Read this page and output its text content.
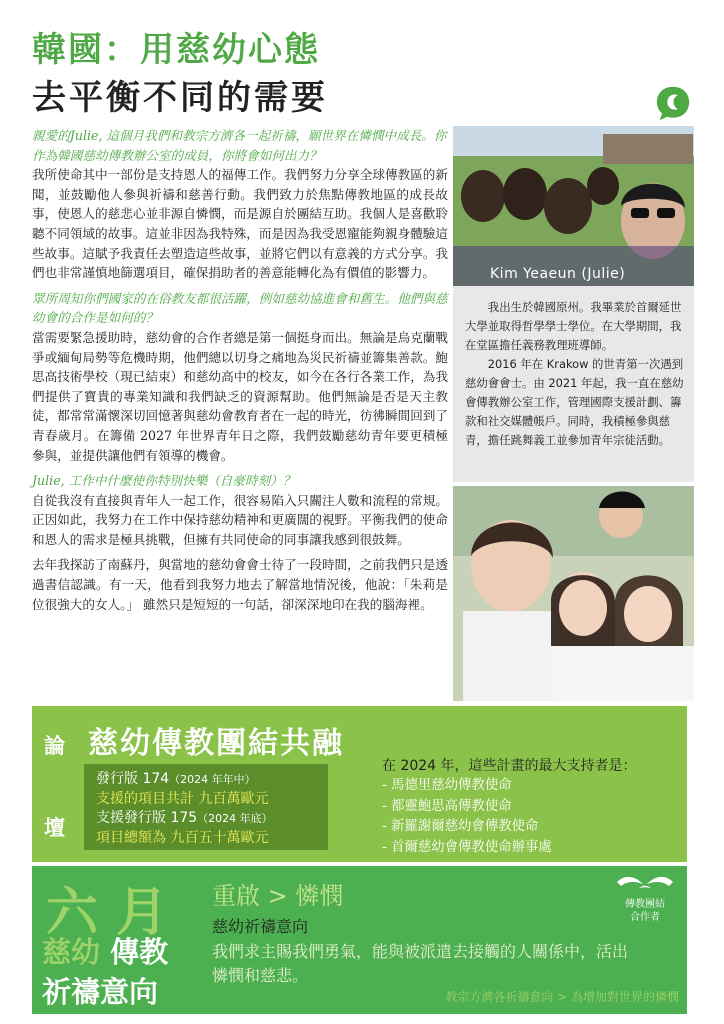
韓國：用慈幼心態
去平衡不同的需要

親愛的Julie, 這個月我們和教宗方濟各一起祈禱，願世界在憐憫中成長。你作為韓國慈幼傳教辦公室的成員，你將會如何出力？

我所使命其中一部份是支持恩人的福傳工作。我們努力分享全球傳教區的新聞，並鼓勵他人參與祈禱和慈善行動。我們致力於焦點傳教地區的成長故事，使恩人的慈悲心並非源自憐憫，而是源自於團結互助。我個人是喜歡聆聽不同領域的故事。這並非因為我特殊，而是因為我受恩寵能夠親身體驗這些故事。這賦予我責任去塑造這些故事，並將它們以有意義的方式分享。我們也非常謹慎地篩選項目，確保捐助者的善意能轉化為有價值的影響力。

眾所周知你們國家的在俗教友都很活躍，例如慈幼協進會和舊生。他們與慈幼會的合作是如何的？

當需要緊急援助時，慈幼會的合作者總是第一個挺身而出。無論是烏克蘭戰爭或緬甸局勢等危機時期，他們總以切身之痛地為災民祈禱並籌集善款。鮑思高技術學校（現已結束）和慈幼高中的校友，如今在各行各業工作，為我們提供了寶貴的專業知識和我們缺乏的資源幫助。他們無論是否是天主教徒，都常常滿懷深切回憶著與慈幼會教育者在一起的時光，彷彿瞬間回到了青春歲月。在籌備 2027 年世界青年日之際，我們鼓勵慈幼青年要更積極參與，並提供讓他們有領導的機會。

Julie, 工作中什麼使你特別快樂（自豪時刻）？

自從我沒有直接與青年人一起工作，很容易陷入只關注人數和流程的常規。正因如此，我努力在工作中保持慈幼精神和更廣闊的視野。平衡我們的使命和恩人的需求是極具挑戰，但擁有共同使命的同事讓我感到很鼓舞。

去年我探訪了南蘇丹，與當地的慈幼會會士待了一段時間，之前我們只是透過書信認識。有一天，他看到我努力地去了解當地情況後，他說：「朱莉是位很強大的女人。」 雖然只是短短的一句話，卻深深地印在我的腦海裡。

Kim Yeaeun (Julie)

我出生於韓國原州。我畢業於首爾延世大學並取得哲學學士學位。在大學期間，我在堂區擔任義務教理班導師。

2016 年在 Krakow 的世青第一次遇到慈幼會會士。由 2021 年起，我一直在慈幼會傳教辦公室工作，管理國際支援計劃、籌款和社交媒體帳戶。同時，我積極參與慈青，擔任跳舞義工並參加青年宗徒活動。

論
壇
慈幼傳教團結共融
發行版 174（2024 年年中）
支援的項目共計 九百萬歐元
支援發行版 175（2024 年底）
項目總額為 九百五十萬歐元
在 2024 年，這些計畫的最大支持者是：
- 馬德里慈幼傳教使命
- 都靈鮑思高傳教使命
- 新羅謝爾慈幼會傳教使命
- 首爾慈幼會傳教使命辦事處
六月
慈幼 傳教
祈禱意向
重啟 > 憐憫
慈幼祈禱意向
我們求主賜我們勇氣，能與被派遣去接觸的人關係中，活出憐憫和慈悲。
教宗方濟各祈禱意向 > 為增加對世界的憐憫
傳教團結
合作者
